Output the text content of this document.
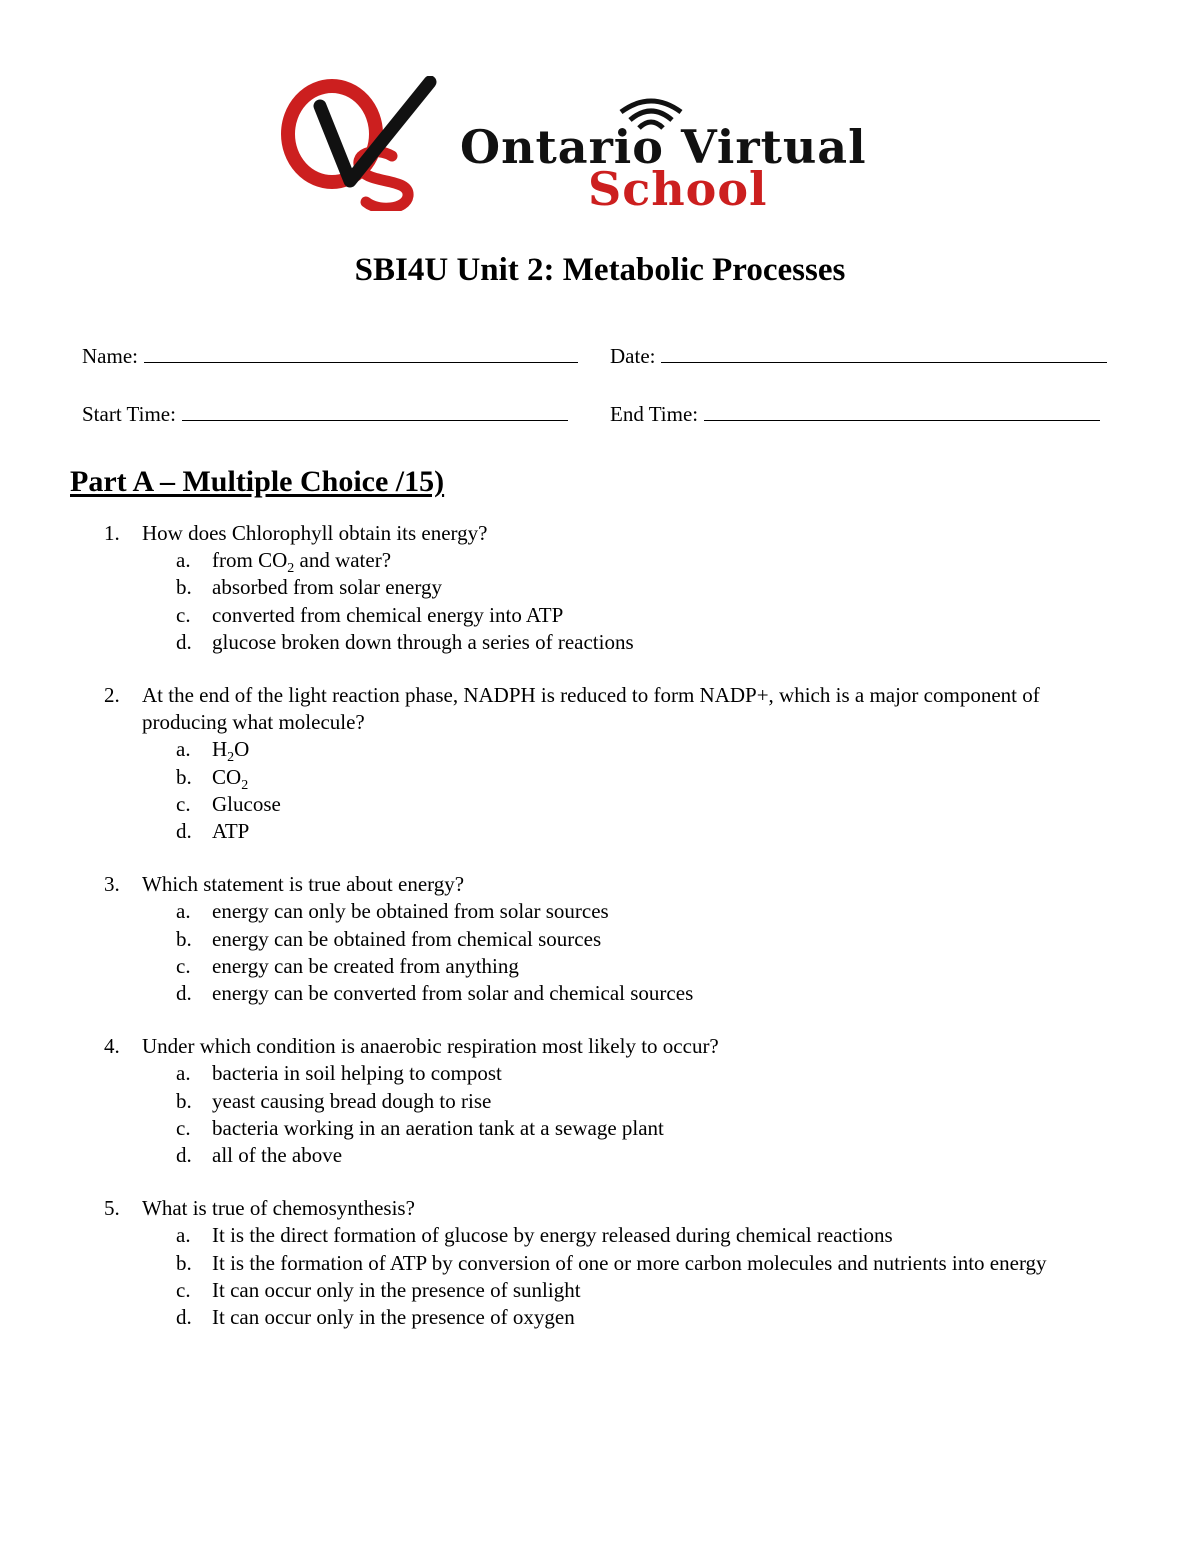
Ontario Virtual
School
SBI4U Unit 2: Metabolic Processes
Name:	Date:
Start Time:	End Time:
Part A – Multiple Choice /15)
1.	How does Chlorophyll obtain its energy?
a. from $CO_2$ and water?
b. absorbed from solar energy
c. converted from chemical energy into ATP
d. glucose broken down through a series of reactions
2.	At the end of the light reaction phase, NADPH is reduced to form NADP+, which is a major component of producing what molecule?
a. $H_2O$
b. $CO_2$
c. Glucose
d. ATP
3.	Which statement is true about energy?
a. energy can only be obtained from solar sources
b. energy can be obtained from chemical sources
c. energy can be created from anything
d. energy can be converted from solar and chemical sources
4.	Under which condition is anaerobic respiration most likely to occur?
a. bacteria in soil helping to compost
b. yeast causing bread dough to rise
c. bacteria working in an aeration tank at a sewage plant
d. all of the above
5.	What is true of chemosynthesis?
a. It is the direct formation of glucose by energy released during chemical reactions
b. It is the formation of ATP by conversion of one or more carbon molecules and nutrients into energy
c. It can occur only in the presence of sunlight
d. It can occur only in the presence of oxygen
